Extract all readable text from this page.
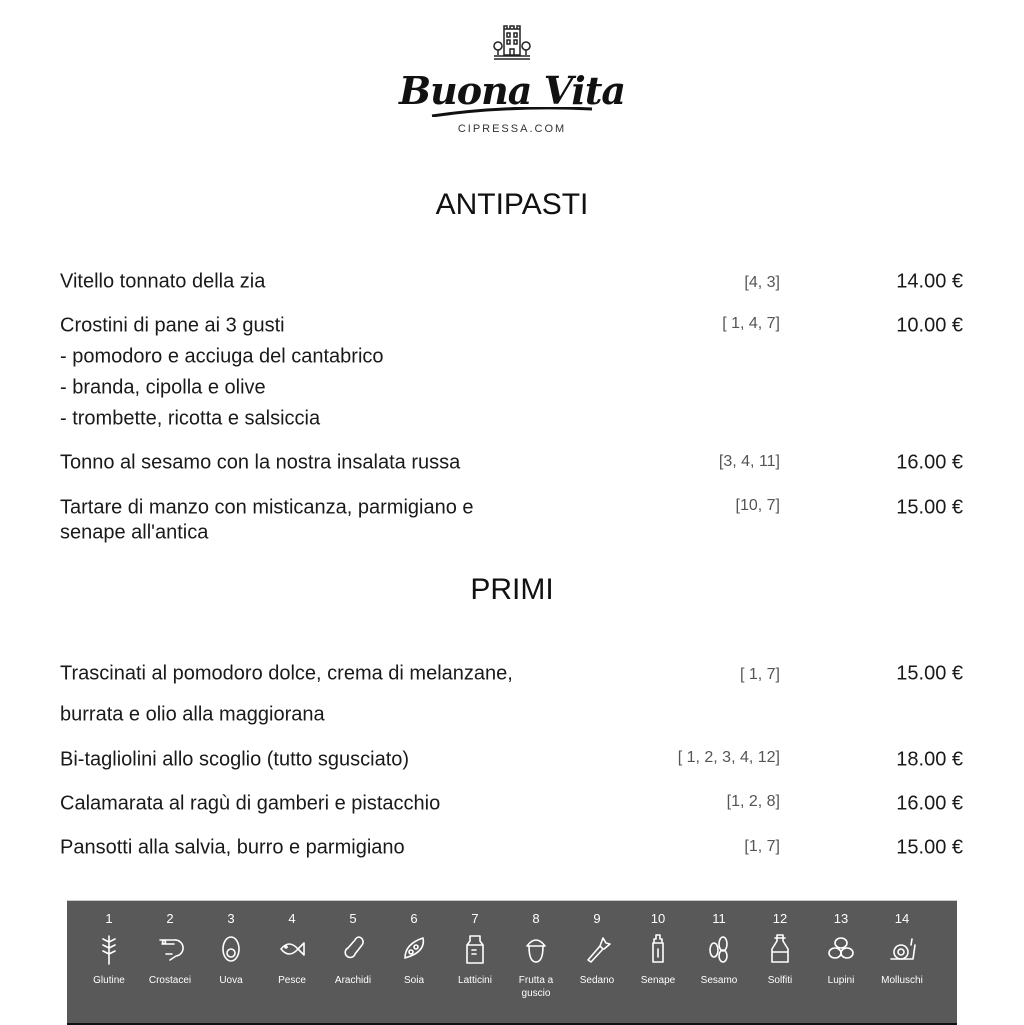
Buona Vita
CIPRESSA.COM
ANTIPASTI
Vitello tonnato della zia	[4, 3]	14.00 €
Crostini di pane ai 3 gusti
- pomodoro e acciuga del cantabrico
- branda, cipolla e olive
- trombette, ricotta e salsiccia
[ 1, 4, 7]	10.00 €
Tonno al sesamo con la nostra insalata russa	[3, 4, 11]	16.00 €
Tartare di manzo con misticanza, parmigiano e
senape all'antica
[10, 7]	15.00 €
PRIMI
Trascinati al pomodoro dolce, crema di melanzane,
burrata e olio alla maggiorana
[ 1, 7]	15.00 €
Bi-tagliolini allo scoglio (tutto sgusciato)	[ 1, 2, 3, 4, 12]	18.00 €
Calamarata al ragù di gamberi e pistacchio	[1, 2, 8]	16.00 €
Pansotti alla salvia, burro e parmigiano	[1, 7]	15.00 €
1
Glutine
2
Crostacei
3
Uova
4
Pesce
5
Arachidi
6
Soia
7
Latticini
8
Frutta a guscio
9
Sedano
10
Senape
11
Sesamo
12
Solfiti
13
Lupini
14
Molluschi
